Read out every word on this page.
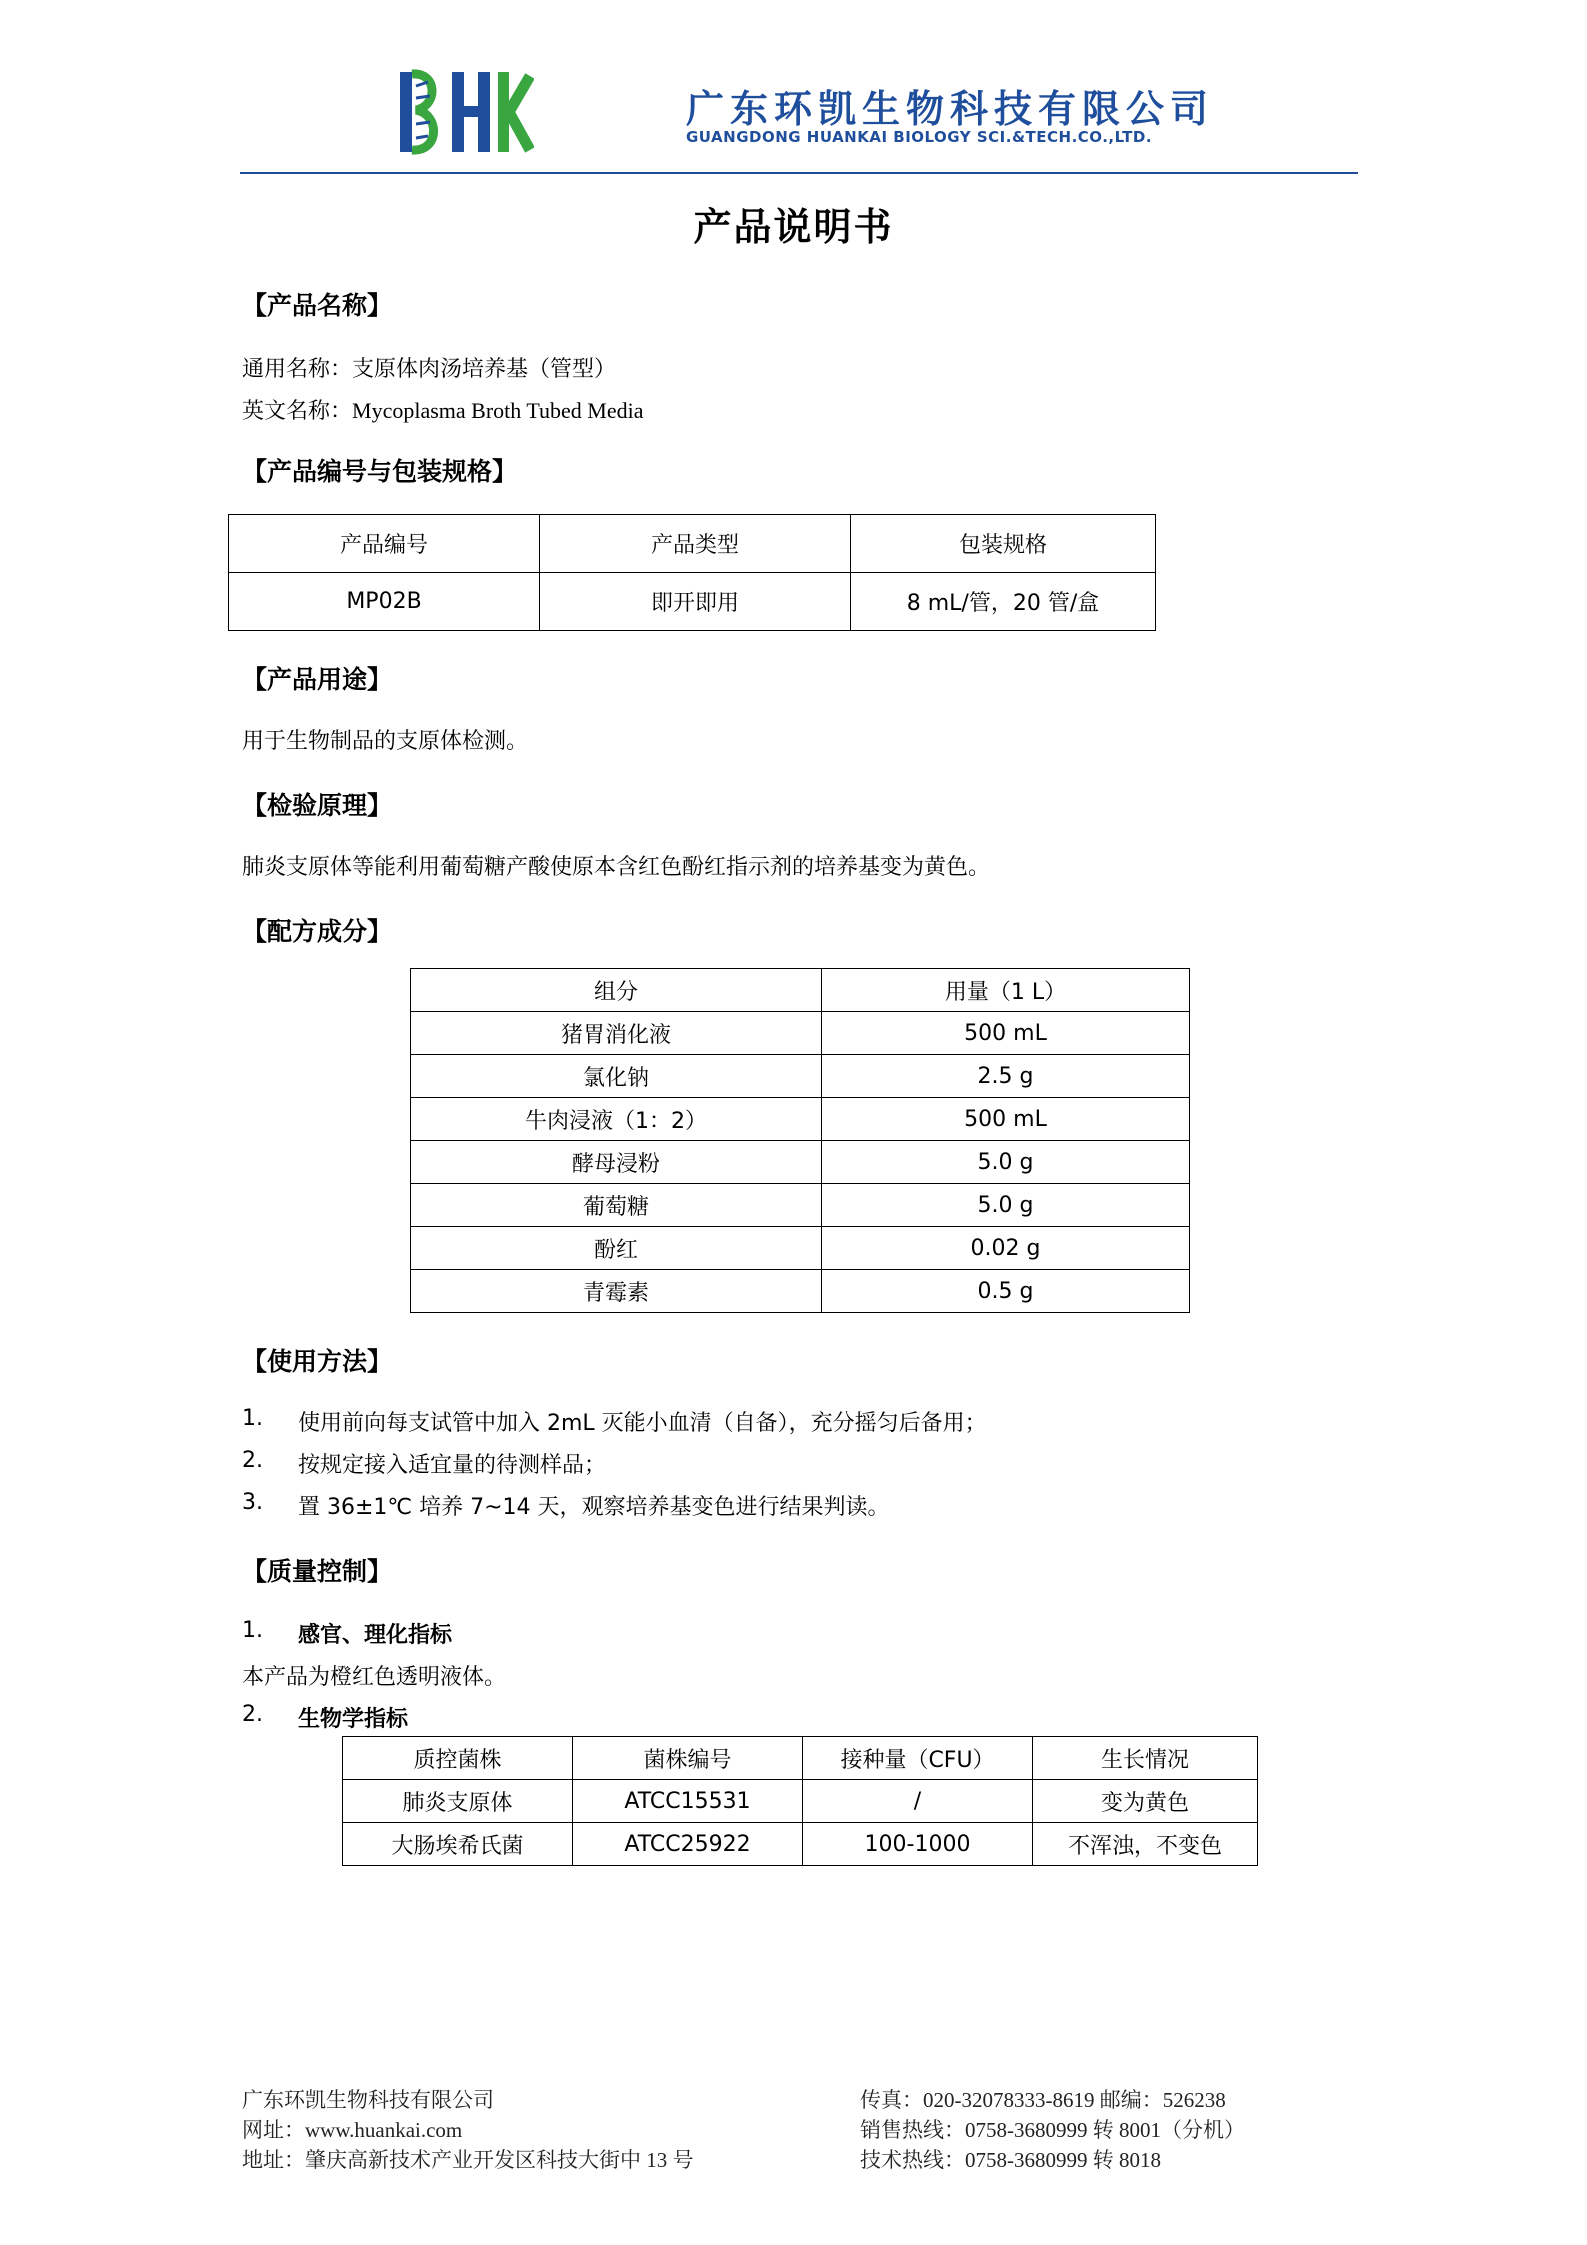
广东环凯生物科技有限公司
GUANGDONG HUANKAI BIOLOGY SCI.&TECH.CO.,LTD.
产品说明书
【产品名称】
通用名称：支原体肉汤培养基（管型）
英文名称：Mycoplasma Broth Tubed Media
【产品编号与包装规格】
产品编号	产品类型	包装规格
MP02B	即开即用	8 mL/管，20 管/盒
【产品用途】
用于生物制品的支原体检测。
【检验原理】
肺炎支原体等能利用葡萄糖产酸使原本含红色酚红指示剂的培养基变为黄色。
【配方成分】
组分	用量（1 L）
猪胃消化液	500 mL
氯化钠	2.5 g
牛肉浸液（1：2）	500 mL
酵母浸粉	5.0 g
葡萄糖	5.0 g
酚红	0.02 g
青霉素	0.5 g
【使用方法】
1. 使用前向每支试管中加入 2mL 灭能小血清（自备），充分摇匀后备用；
2. 按规定接入适宜量的待测样品；
3. 置 36±1℃ 培养 7~14 天，观察培养基变色进行结果判读。
【质量控制】
1. 感官、理化指标
本产品为橙红色透明液体。
2. 生物学指标
质控菌株	菌株编号	接种量（CFU）	生长情况
肺炎支原体	ATCC15531	/	变为黄色
大肠埃希氏菌	ATCC25922	100-1000	不浑浊，不变色
广东环凯生物科技有限公司
网址：www.huankai.com
地址：肇庆高新技术产业开发区科技大街中 13 号
传真：020-32078333-8619 邮编：526238
销售热线：0758-3680999 转 8001（分机）
技术热线：0758-3680999 转 8018
